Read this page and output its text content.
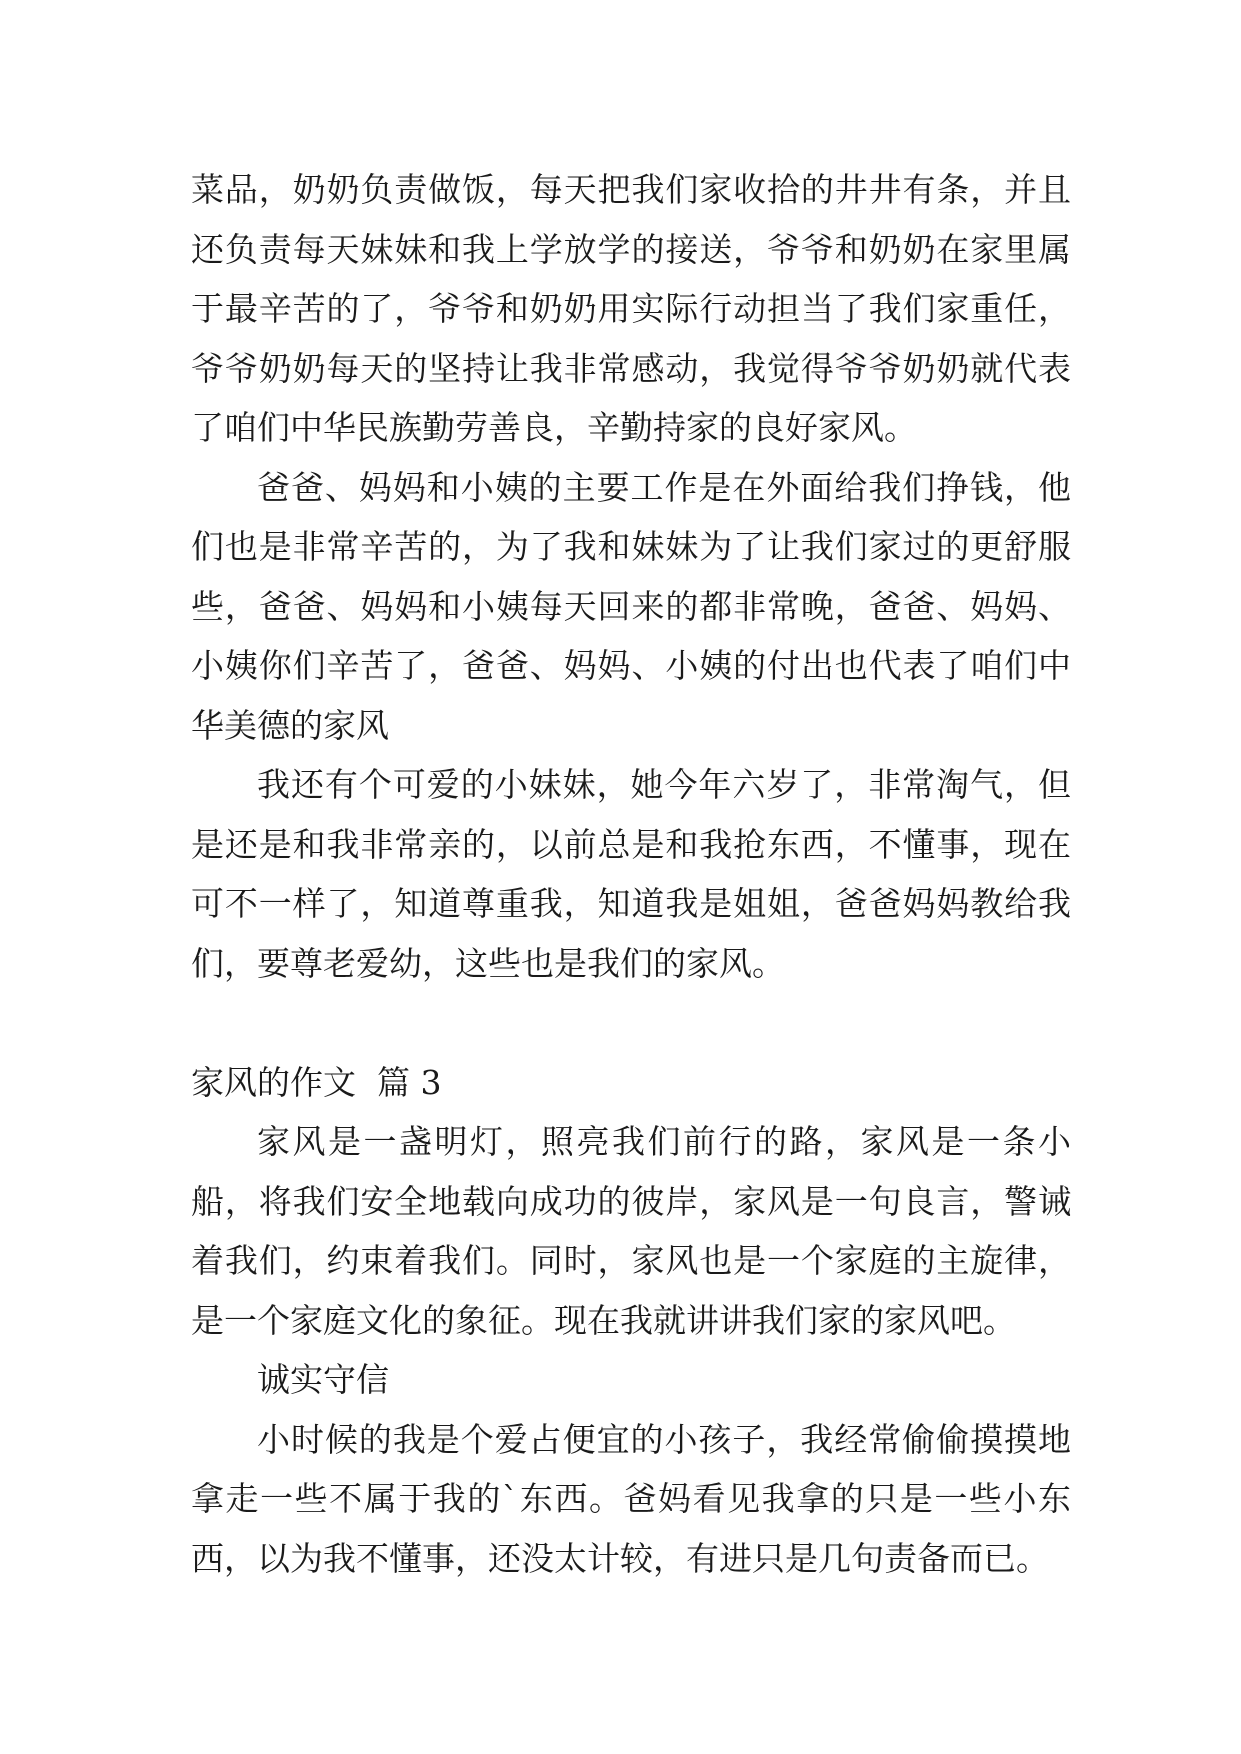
菜品，奶奶负责做饭，每天把我们家收拾的井井有条，并且还负责每天妹妹和我上学放学的接送，爷爷和奶奶在家里属于最辛苦的了，爷爷和奶奶用实际行动担当了我们家重任，爷爷奶奶每天的坚持让我非常感动，我觉得爷爷奶奶就代表了咱们中华民族勤劳善良，辛勤持家的良好家风。

爸爸、妈妈和小姨的主要工作是在外面给我们挣钱，他们也是非常辛苦的，为了我和妹妹为了让我们家过的更舒服些，爸爸、妈妈和小姨每天回来的都非常晚，爸爸、妈妈、小姨你们辛苦了，爸爸、妈妈、小姨的付出也代表了咱们中华美德的家风

我还有个可爱的小妹妹，她今年六岁了，非常淘气，但是还是和我非常亲的，以前总是和我抢东西，不懂事，现在可不一样了，知道尊重我，知道我是姐姐，爸爸妈妈教给我们，要尊老爱幼，这些也是我们的家风。

家风的作文  篇 3

家风是一盏明灯，照亮我们前行的路，家风是一条小船，将我们安全地载向成功的彼岸，家风是一句良言，警诫着我们，约束着我们。同时，家风也是一个家庭的主旋律，是一个家庭文化的象征。现在我就讲讲我们家的家风吧。

诚实守信

小时候的我是个爱占便宜的小孩子，我经常偷偷摸摸地拿走一些不属于我的`东西。爸妈看见我拿的只是一些小东西，以为我不懂事，还没太计较，有进只是几句责备而已。
